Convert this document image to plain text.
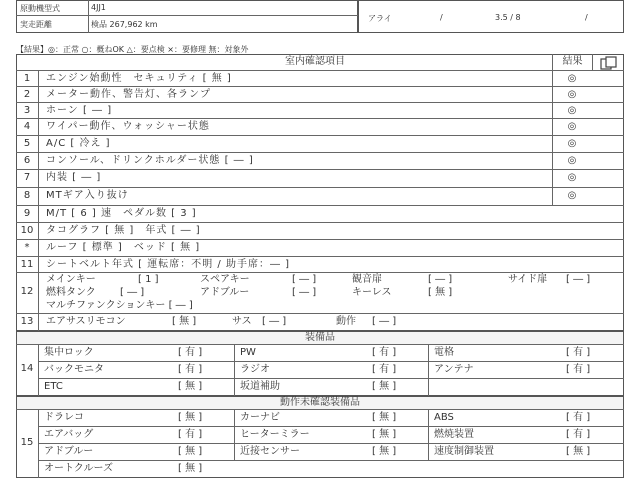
原動機型式	4JJ1
実走距離	検品 267,962 km
アライ	/	3.5 / 8	/
【結果】◎：正常 ○：概ねOK △：要点検 ×：要修理 無：対象外
室内確認項目	結果
1	エンジン始動性　セキュリティ [ 無 ]	◎
2	メーター動作、警告灯、各ランプ	◎
3	ホーン [ ― ]	◎
4	ワイパー動作、ウォッシャー状態	◎
5	A/C [ 冷え ]	◎
6	コンソール、ドリンクホルダー状態 [ ― ]	◎
7	内装 [ ― ]	◎
8	MTギア入り抜け	◎
9	M/T [ 6 ] 速　ペダル数 [ 3 ]
10	タコグラフ [ 無 ]　年式 [ ― ]
*	ルーフ [ 標準 ]　ベッド [ 無 ]
11	シートベルト年式 [ 運転席：不明 / 助手席：― ]
12
メインキー	[ 1 ]	スペアキー	[ ― ]	観音扉	[ ― ]	サイド扉 [ ― ]
燃料タンク [ ― ]	アドブルー	[ ― ]	キーレス	[ 無 ]
マルチファンクションキー [ ― ]
13	エアサスリモコン	[ 無 ]	サス [ ― ]	動作 [ ― ]
装備品
14
集中ロック	[ 有 ]	PW	[ 有 ]	電格	[ 有 ]
バックモニタ	[ 有 ]	ラジオ	[ 有 ]	アンテナ	[ 有 ]
ETC	[ 無 ]	坂道補助	[ 無 ]
動作未確認装備品
15
ドラレコ	[ 無 ]	カーナビ	[ 無 ]	ABS	[ 有 ]
エアバッグ	[ 有 ]	ヒーターミラー	[ 無 ]	燃焼装置	[ 有 ]
アドブルー	[ 無 ]	近接センサー	[ 無 ]	速度制御装置	[ 無 ]
オートクルーズ	[ 無 ]
